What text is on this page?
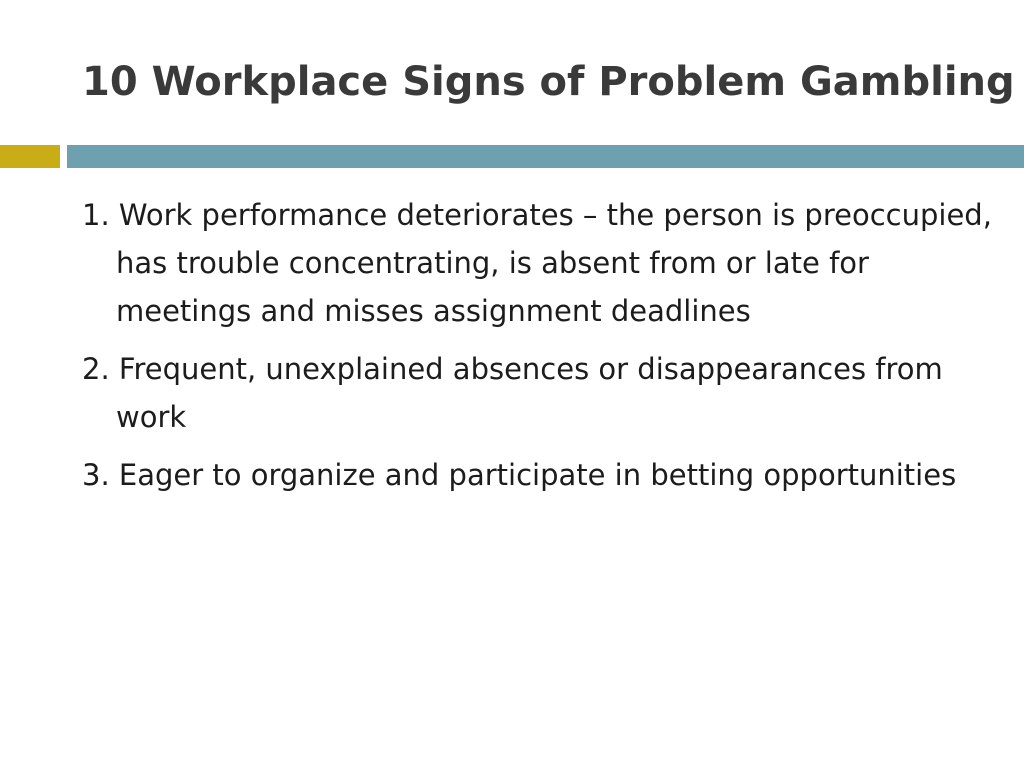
10 Workplace Signs of Problem Gambling
1. Work performance deteriorates – the person is preoccupied, has trouble concentrating, is absent from or late for meetings and misses assignment deadlines
2. Frequent, unexplained absences or disappearances from work
3. Eager to organize and participate in betting opportunities
